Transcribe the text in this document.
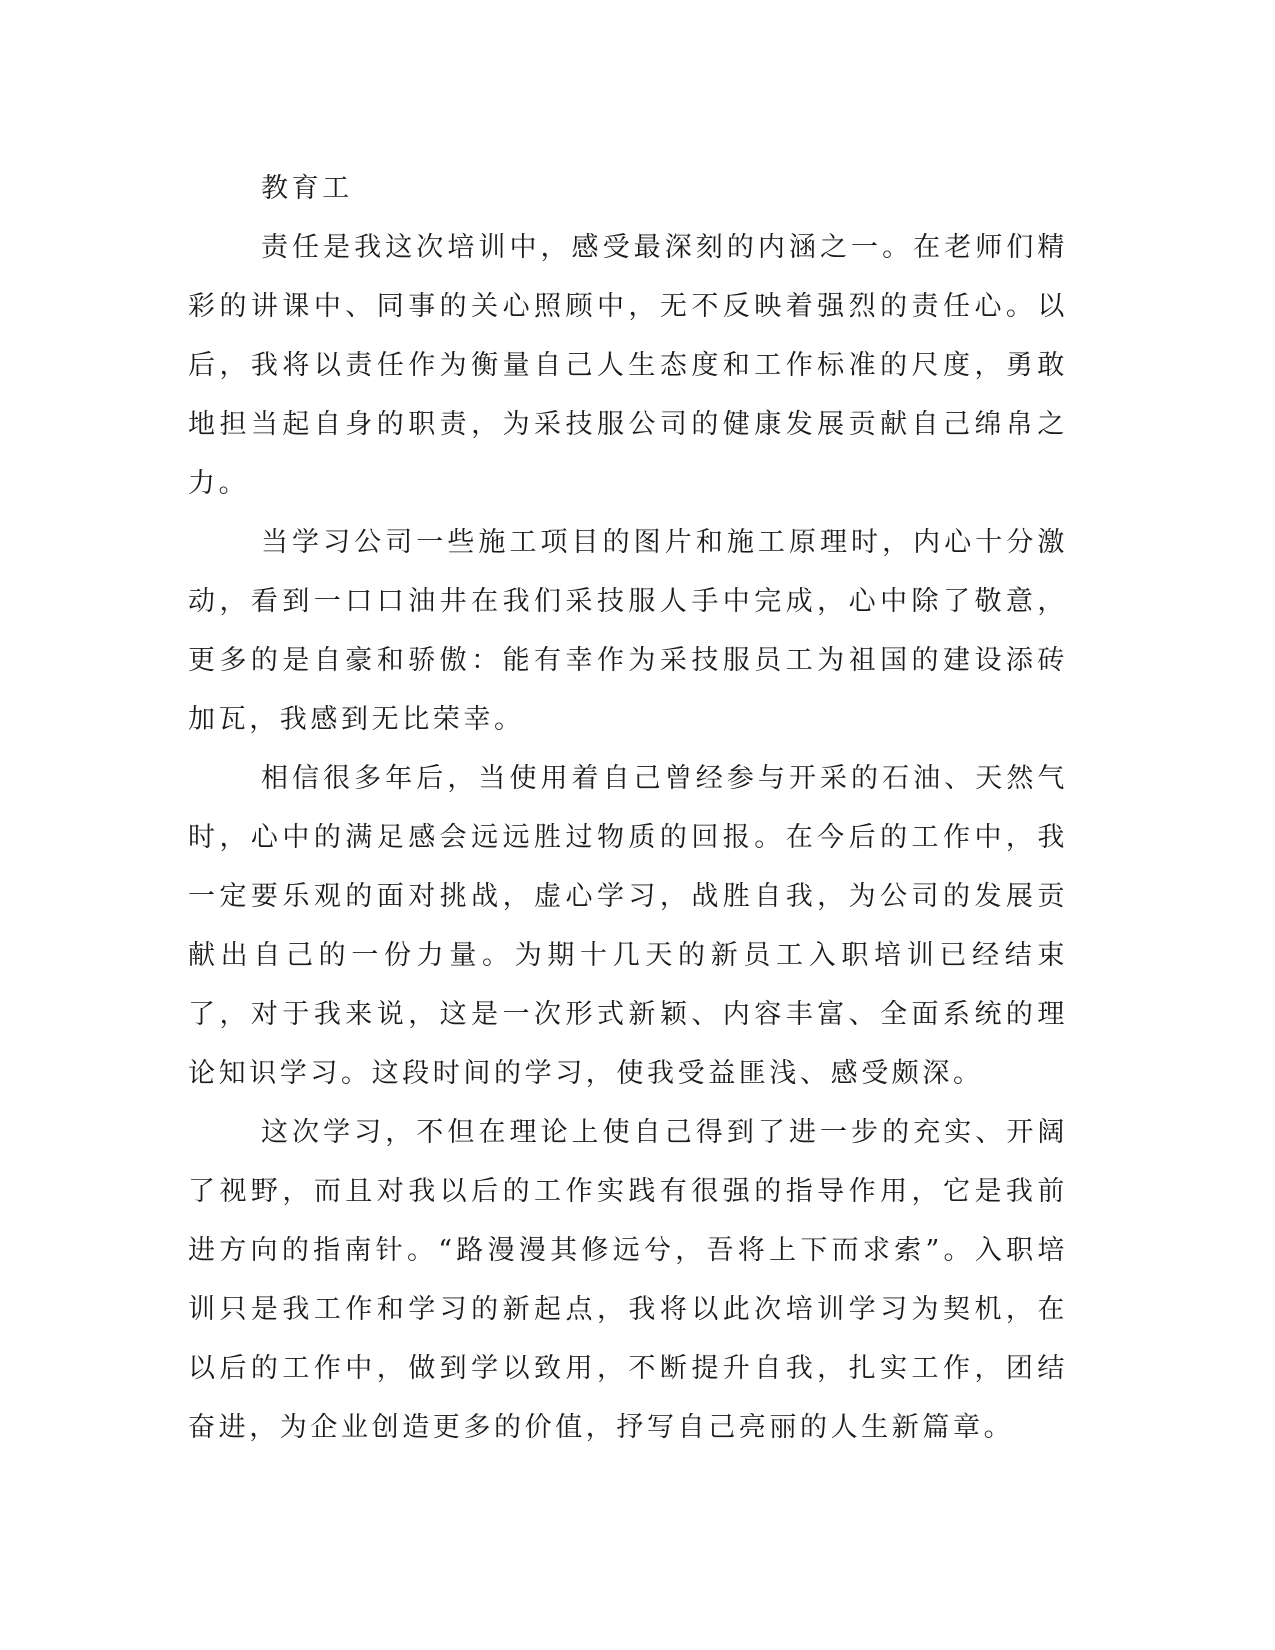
教育工

责任是我这次培训中，感受最深刻的内涵之一。在老师们精彩的讲课中、同事的关心照顾中，无不反映着强烈的责任心。以后，我将以责任作为衡量自己人生态度和工作标准的尺度，勇敢地担当起自身的职责，为采技服公司的健康发展贡献自己绵帛之力。

当学习公司一些施工项目的图片和施工原理时，内心十分激动，看到一口口油井在我们采技服人手中完成，心中除了敬意，更多的是自豪和骄傲：能有幸作为采技服员工为祖国的建设添砖加瓦，我感到无比荣幸。

相信很多年后，当使用着自己曾经参与开采的石油、天然气时，心中的满足感会远远胜过物质的回报。在今后的工作中，我一定要乐观的面对挑战，虚心学习，战胜自我，为公司的发展贡献出自己的一份力量。为期十几天的新员工入职培训已经结束了，对于我来说，这是一次形式新颖、内容丰富、全面系统的理论知识学习。这段时间的学习，使我受益匪浅、感受颇深。

这次学习，不但在理论上使自己得到了进一步的充实、开阔了视野，而且对我以后的工作实践有很强的指导作用，它是我前进方向的指南针。“路漫漫其修远兮，吾将上下而求索”。入职培训只是我工作和学习的新起点，我将以此次培训学习为契机，在以后的工作中，做到学以致用，不断提升自我，扎实工作，团结奋进，为企业创造更多的价值，抒写自己亮丽的人生新篇章。
